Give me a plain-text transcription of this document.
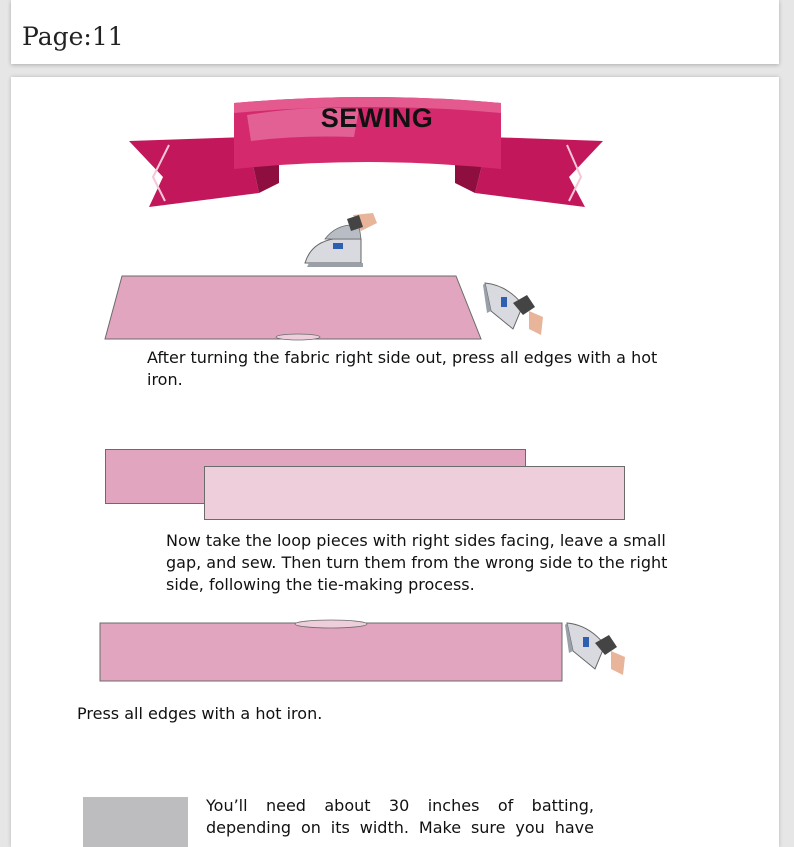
Page:11
SEWING
After turning the fabric right side out, press all edges with a hot iron.
Now take the loop pieces with right sides facing, leave a small gap, and sew. Then turn them from the wrong side to the right side, following the tie-making process.
Press all edges with a hot iron.
You’ll need about 30 inches of batting,
depending on its width. Make sure you have
